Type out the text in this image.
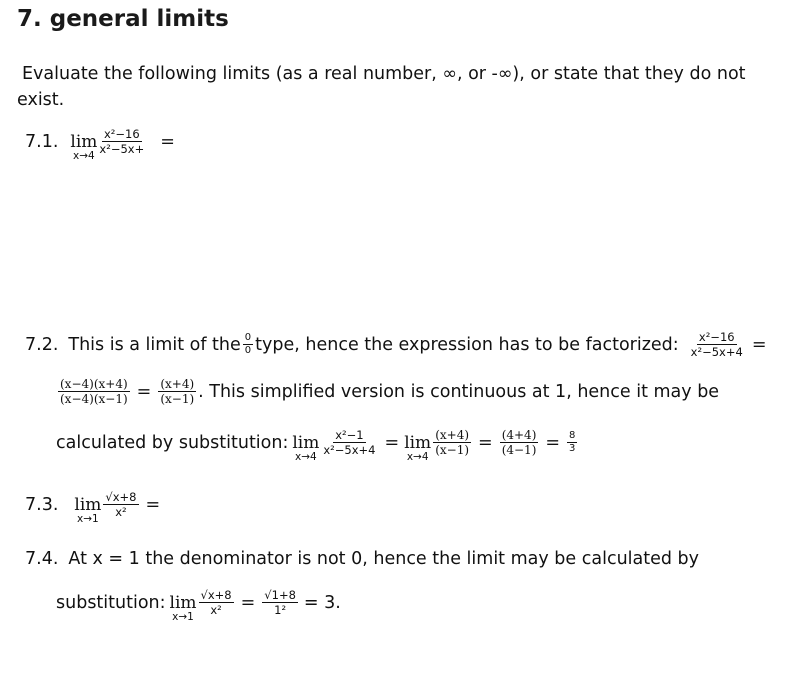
7. general limits
Evaluate the following limits (as a real number, ∞, or -∞), or state that they do not
exist.
7.1. lim
$x\to 4 \frac{\text{x²−16}}{\text{x²−5x+}}$ =
7.2. This is a limit of the $\frac{0}{0}$ type, hence the expression has to be factorized: $\frac{\text{x²−16}}{\text{x²−5x+4}}$ =
$\frac{(x-4)(x+4)}{(x-4)(x-1)} = \frac{(x+4)}{(x-1)}$ . This simplified version is continuous at 1, hence it may be
calculated by substitution: lim
$x\to 4 \frac{\text{x²−1}}{\text{x²−5x+4}} = \lim$
$x\to 4 \frac{(x+4)}{(x-1)} = \frac{(4+4)}{(4-1)} = \frac{8}{3}$
7.3. lim
$x\to 1 \frac{√x+8}{\text{x²}}$ =
7.4. At x = 1 the denominator is not 0, hence the limit may be calculated by
substitution: lim
$x\to 1 \frac{√x+8}{\text{x²}} = \frac{√1+8}{\text{1²}} = 3$.
